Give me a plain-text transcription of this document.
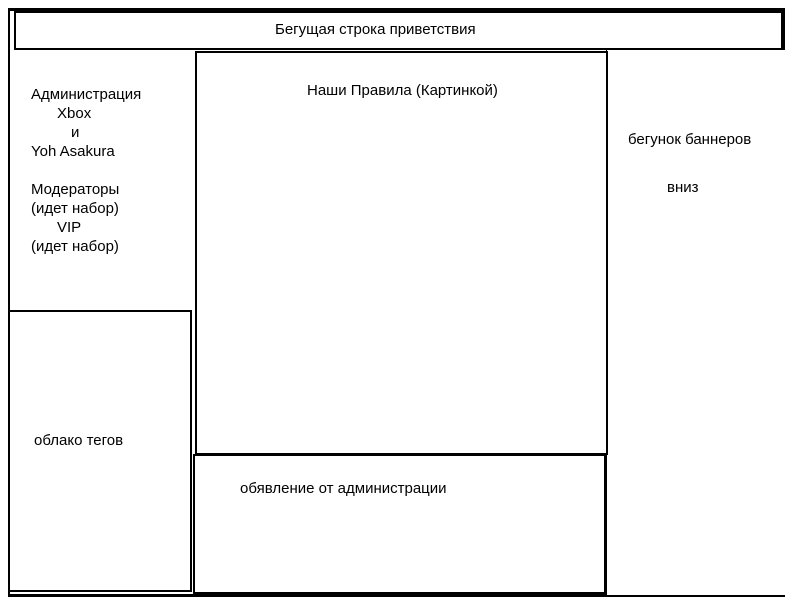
бегунок баннеров
вниз
Бегущая строка приветствия
Администрация
Xbox
и
Yoh Asakura
Модераторы
(идет набор)
VIP
(идет набор)
Наши Правила (Картинкой)
обявление от администрации
облако тегов
